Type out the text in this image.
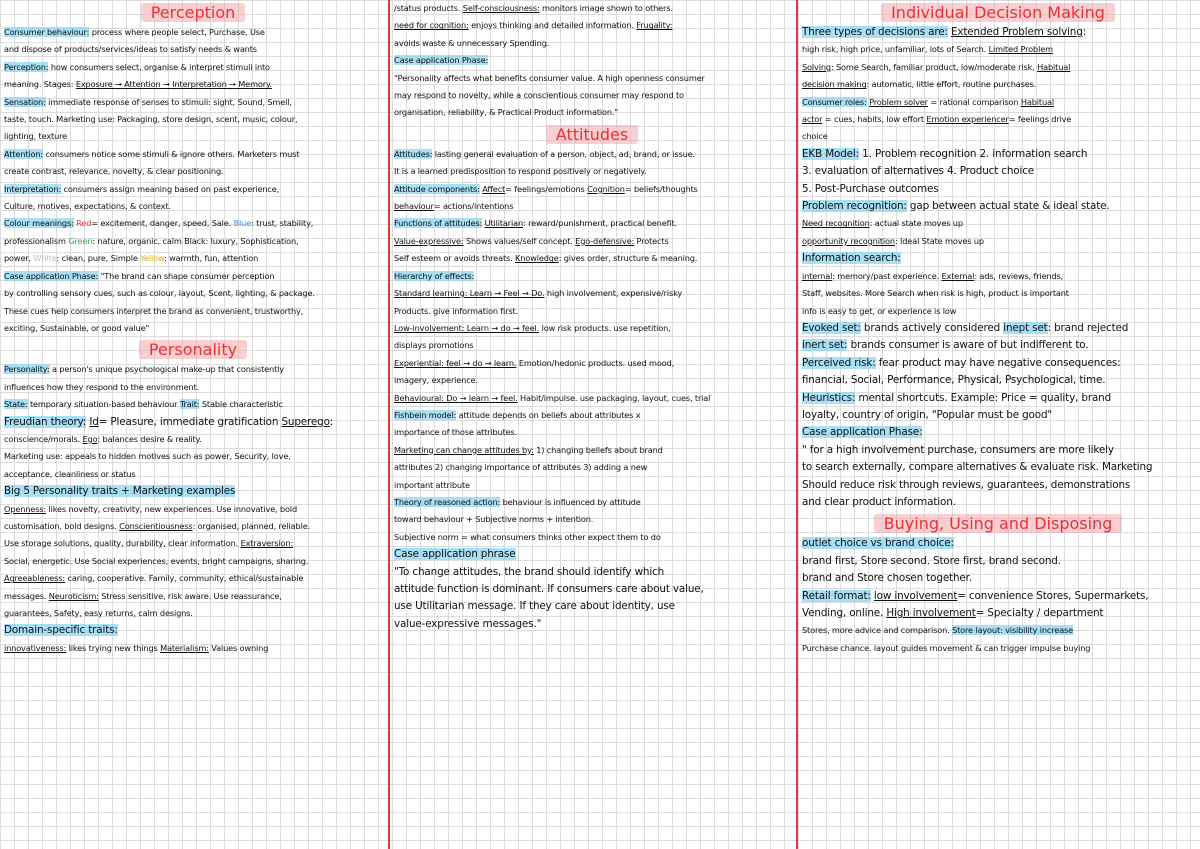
Perception

Consumer behaviour: process where people select, Purchase, Use

and dispose of products/services/ideas to satisfy needs & wants

Perception: how consumers select, organise & interpret stimuli into

meaning. Stages: Exposure → Attention → Interpretation → Memory.

Sensation: immediate response of senses to stimuli: sight, Sound, Smell,

taste, touch. Marketing use: Packaging, store design, scent, music, colour,

lighting, texture

Attention: consumers notice some stimuli & ignore others. Marketers must

create contrast, relevance, novelty, & clear positioning.

Interpretation: consumers assign meaning based on past experience,

Culture, motives, expectations, & context.

Colour meanings: Red= excitement, danger, speed, Sale. Blue: trust, stability,

professionalism Green: nature, organic, calm Black: luxury, Sophistication,

power, White: clean, pure, Simple Yellow: warmth, fun, attention

Case application Phase: "The brand can shape consumer perception

by controlling sensory cues, such as colour, layout, Scent, lighting, & package.

These cues help consumers interpret the brand as convenient, trustworthy,

exciting, Sustainable, or good value"

Personality

Personality: a person's unique psychological make-up that consistently

influences how they respond to the environment.

State: temporary situation-based behaviour Trait: Stable characteristic

Freudian theory: Id= Pleasure, immediate gratification Superego:

conscience/morals. Ego: balances desire & reality.

Marketing use: appeals to hidden motives such as power, Security, love,

acceptance, cleanliness or status

Big 5 Personality traits + Marketing examples

Openness: likes novelty, creativity, new experiences. Use innovative, bold

customisation, bold designs. Conscientiousness: organised, planned, reliable.

Use storage solutions, quality, durability, clear information. Extraversion:

Social, energetic. Use Social experiences, events, bright campaigns, sharing.

Agreeableness: caring, cooperative. Family, community, ethical/sustainable

messages. Neuroticism: Stress sensitive, risk aware. Use reassurance,

guarantees, Safety, easy returns, calm designs.

Domain-specific traits:

innovativeness: likes trying new things Materialism: Values owning

/status products. Self-consciousness: monitors image shown to others.

need for cognition: enjoys thinking and detailed information. Frugality:

avoids waste & unnecessary Spending.

Case application Phase:

"Personality affects what benefits consumer value. A high openness consumer

may respond to novelty, while a conscientious consumer may respond to

organisation, reliability, & Practical Product information."

Attitudes

Attitudes: lasting general evaluation of a person, object, ad, brand, or issue.

It is a learned predisposition to respond positively or negatively.

Attitude components: Affect= feelings/emotions Cognition= beliefs/thoughts

behaviour= actions/intentions

Functions of attitudes: Utilitarian: reward/punishment, practical benefit.

Value-expressive: Shows values/self concept. Ego-defensive: Protects

Self esteem or avoids threats. Knowledge: gives order, structure & meaning.

Hierarchy of effects:

Standard learning: Learn → Feel → Do. high involvement, expensive/risky

Products. give information first.

Low-involvement: Learn → do → feel. low risk products. use repetition,

displays promotions

Experiential: feel → do → learn. Emotion/hedonic products. used mood,

imagery, experience.

Behavioural: Do → learn → feel. Habit/impulse. use packaging, layout, cues, trial

Fishbein model: attitude depends on beliefs about attributes x

importance of those attributes.

Marketing can change attitudes by: 1) changing beliefs about brand

attributes 2) changing importance of attributes 3) adding a new

important attribute

Theory of reasoned action: behaviour is influenced by attitude

toward behaviour + Subjective norms + intention.

Subjective norm = what consumers thinks other expect them to do

Case application phrase

"To change attitudes, the brand should identify which

attitude function is dominant. If consumers care about value,

use Utilitarian message. If they care about identity, use

value-expressive messages."

Individual Decision Making

Three types of decisions are: Extended Problem solving:

high risk, high price, unfamiliar, lots of Search. Limited Problem

Solving: Some Search, familiar product, low/moderate risk. Habitual

decision making: automatic, little effort, routine purchases.

Consumer roles: Problem solver = rational comparison Habitual

actor = cues, habits, low effort Emotion experiencer= feelings drive

choice

EKB Model: 1. Problem recognition 2. information search

3. evaluation of alternatives 4. Product choice

5. Post-Purchase outcomes

Problem recognition: gap between actual state & ideal state.

Need recognition: actual state moves up

opportunity recognition: Ideal State moves up

Information search:

internal: memory/past experience. External: ads, reviews, friends,

Staff, websites. More Search when risk is high, product is important

info is easy to get, or experience is low

Evoked set: brands actively considered inept set: brand rejected

inert set: brands consumer is aware of but indifferent to.

Perceived risk: fear product may have negative consequences:

financial, Social, Performance, Physical, Psychological, time.

Heuristics: mental shortcuts. Example: Price = quality, brand

loyalty, country of origin, "Popular must be good"

Case application Phase:

" for a high involvement purchase, consumers are more likely

to search externally, compare alternatives & evaluate risk. Marketing

Should reduce risk through reviews, guarantees, demonstrations

and clear product information.

Buying, Using and Disposing

outlet choice vs brand choice:

brand first, Store second. Store first, brand second.

brand and Store chosen together.

Retail format: low involvement= convenience Stores, Supermarkets,

Vending, online. High involvement= Specialty / department

Stores, more advice and comparison. Store layout: visibility increase

Purchase chance. layout guides movement & can trigger impulse buying
